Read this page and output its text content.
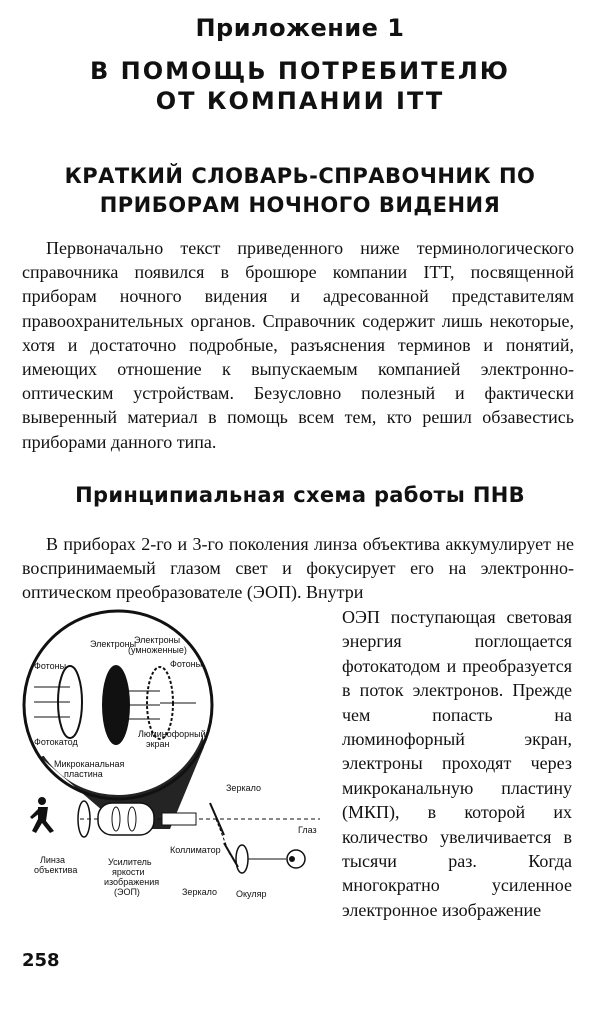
Приложение 1
В ПОМОЩЬ ПОТРЕБИТЕЛЮ
ОТ КОМПАНИИ ITT
КРАТКИЙ СЛОВАРЬ-СПРАВОЧНИК ПО
ПРИБОРАМ НОЧНОГО ВИДЕНИЯ

Первоначально текст приведенного ниже терминологического справочника появился в брошюре компании ITT, посвященной приборам ночного видения и адресованной представителям правоохранительных органов. Справочник содержит лишь некоторые, хотя и достаточно подробные, разъяснения терминов и понятий, имеющих отношение к выпускаемым компанией электронно-оптическим устройствам. Безусловно полезный и фактически выверенный материал в помощь всем тем, кто решил обзавестись приборами данного типа.

Принципиальная схема работы ПНВ

В приборах 2-го и 3-го поколения линза объектива аккумулирует не воспринимаемый глазом свет и фокусирует его на электронно-оптическом преобразователе (ЭОП). Внутри

Электроны
Электроны
(умноженные)
Фотоны	Фотоны
Фотокатод
Люминофорный
экран
Микроканальная
пластина
Зеркало
Глаз
Коллиматор
Линза
объектива
Усилитель
яркости
изображения
(ЭОП)	Зеркало Окуляр

ОЭП поступающая световая энергия поглощается фотокатодом и преобразуется в поток электронов. Прежде чем попасть на люминофорный экран, электроны проходят через микроканальную пластину (МКП), в которой их количество увеличивается в тысячи раз. Когда многократно усиленное электронное изображение

258
